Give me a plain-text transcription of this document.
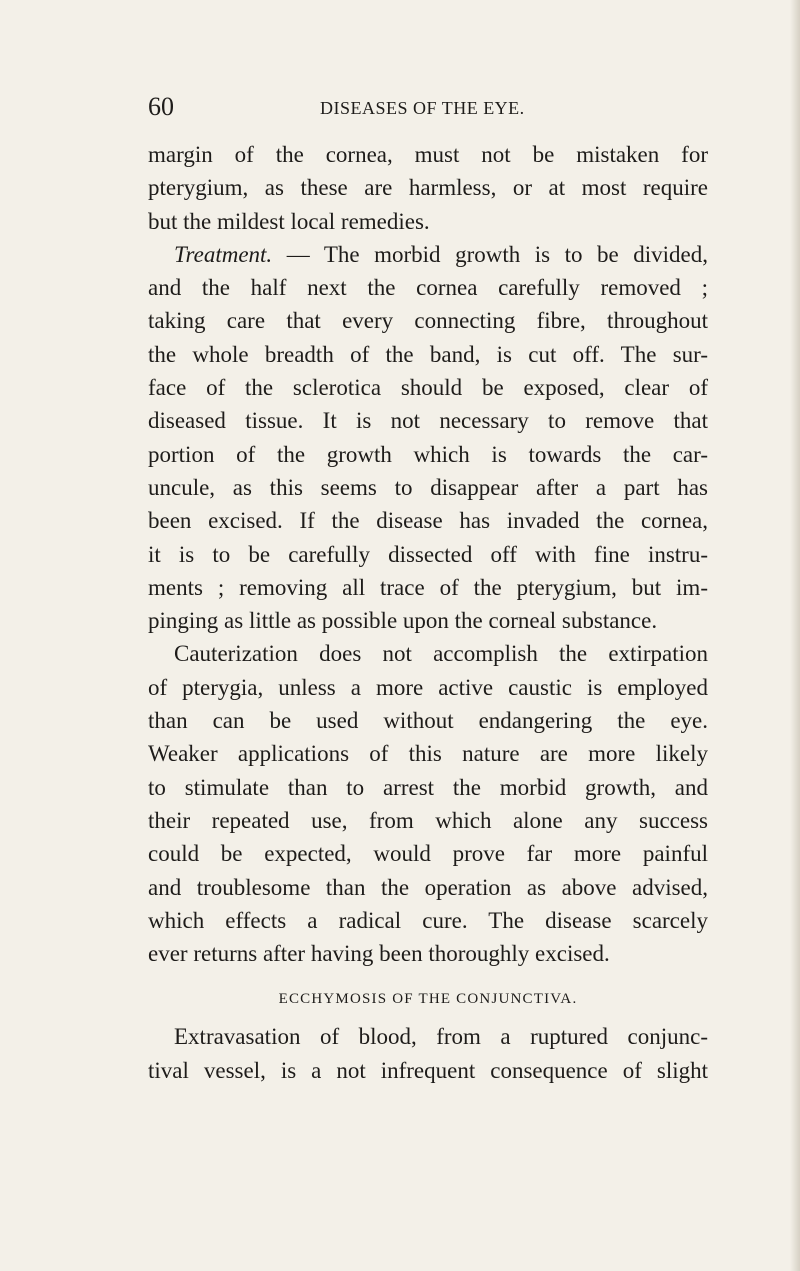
60	DISEASES OF THE EYE.
margin of the cornea, must not be mistaken for
pterygium, as these are harmless, or at most require
but the mildest local remedies.
Treatment. — The morbid growth is to be divided,
and the half next the cornea carefully removed ;
taking care that every connecting fibre, throughout
the whole breadth of the band, is cut off. The sur-
face of the sclerotica should be exposed, clear of
diseased tissue. It is not necessary to remove that
portion of the growth which is towards the car-
uncule, as this seems to disappear after a part has
been excised. If the disease has invaded the cornea,
it is to be carefully dissected off with fine instru-
ments ; removing all trace of the pterygium, but im-
pinging as little as possible upon the corneal substance.
Cauterization does not accomplish the extirpation
of pterygia, unless a more active caustic is employed
than can be used without endangering the eye.
Weaker applications of this nature are more likely
to stimulate than to arrest the morbid growth, and
their repeated use, from which alone any success
could be expected, would prove far more painful
and troublesome than the operation as above advised,
which effects a radical cure. The disease scarcely
ever returns after having been thoroughly excised.
ECCHYMOSIS OF THE CONJUNCTIVA.
Extravasation of blood, from a ruptured conjunc-
tival vessel, is a not infrequent consequence of slight
